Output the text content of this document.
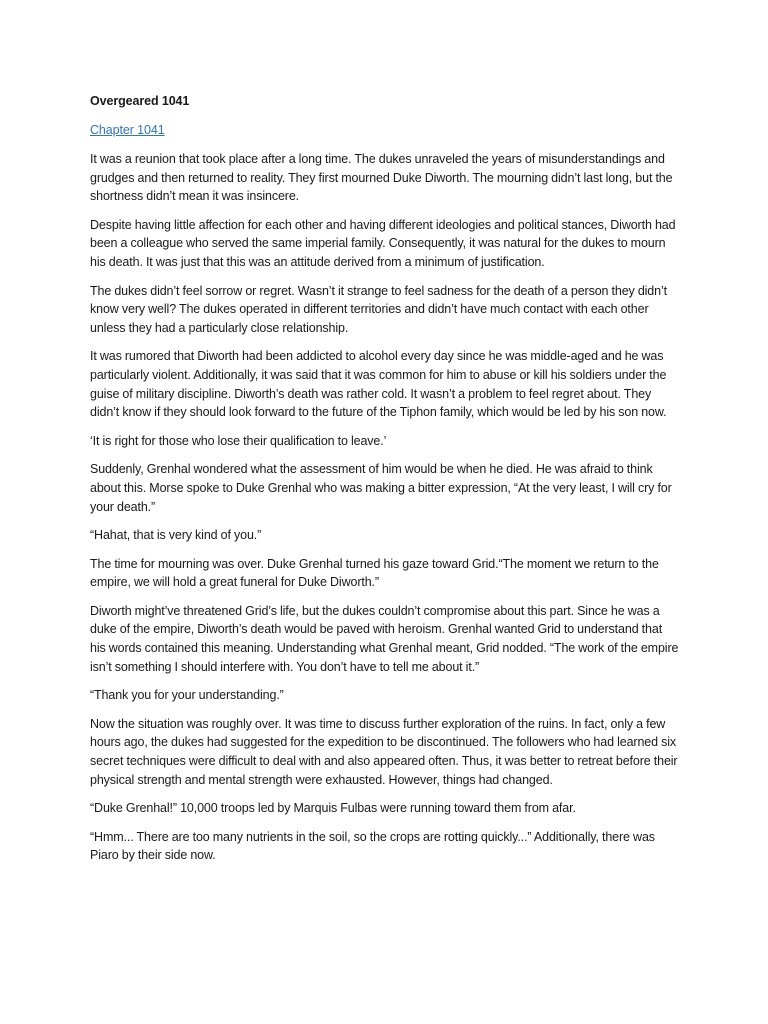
Overgeared 1041
Chapter 1041

It was a reunion that took place after a long time. The dukes unraveled the years of misunderstandings and grudges and then returned to reality. They first mourned Duke Diworth. The mourning didn’t last long, but the shortness didn’t mean it was insincere.

Despite having little affection for each other and having different ideologies and political stances, Diworth had been a colleague who served the same imperial family. Consequently, it was natural for the dukes to mourn his death. It was just that this was an attitude derived from a minimum of justification.

The dukes didn’t feel sorrow or regret. Wasn’t it strange to feel sadness for the death of a person they didn’t know very well? The dukes operated in different territories and didn’t have much contact with each other unless they had a particularly close relationship.

It was rumored that Diworth had been addicted to alcohol every day since he was middle-aged and he was particularly violent. Additionally, it was said that it was common for him to abuse or kill his soldiers under the guise of military discipline. Diworth’s death was rather cold. It wasn’t a problem to feel regret about. They didn’t know if they should look forward to the future of the Tiphon family, which would be led by his son now.

‘It is right for those who lose their qualification to leave.’

Suddenly, Grenhal wondered what the assessment of him would be when he died. He was afraid to think about this. Morse spoke to Duke Grenhal who was making a bitter expression, “At the very least, I will cry for your death.”

“Hahat, that is very kind of you.”

The time for mourning was over. Duke Grenhal turned his gaze toward Grid.“The moment we return to the empire, we will hold a great funeral for Duke Diworth.”

Diworth might’ve threatened Grid’s life, but the dukes couldn’t compromise about this part. Since he was a duke of the empire, Diworth’s death would be paved with heroism. Grenhal wanted Grid to understand that his words contained this meaning. Understanding what Grenhal meant, Grid nodded. “The work of the empire isn’t something I should interfere with. You don’t have to tell me about it.”

“Thank you for your understanding.”

Now the situation was roughly over. It was time to discuss further exploration of the ruins. In fact, only a few hours ago, the dukes had suggested for the expedition to be discontinued. The followers who had learned six secret techniques were difficult to deal with and also appeared often. Thus, it was better to retreat before their physical strength and mental strength were exhausted. However, things had changed.

“Duke Grenhal!” 10,000 troops led by Marquis Fulbas were running toward them from afar.

“Hmm... There are too many nutrients in the soil, so the crops are rotting quickly...” Additionally, there was Piaro by their side now.
